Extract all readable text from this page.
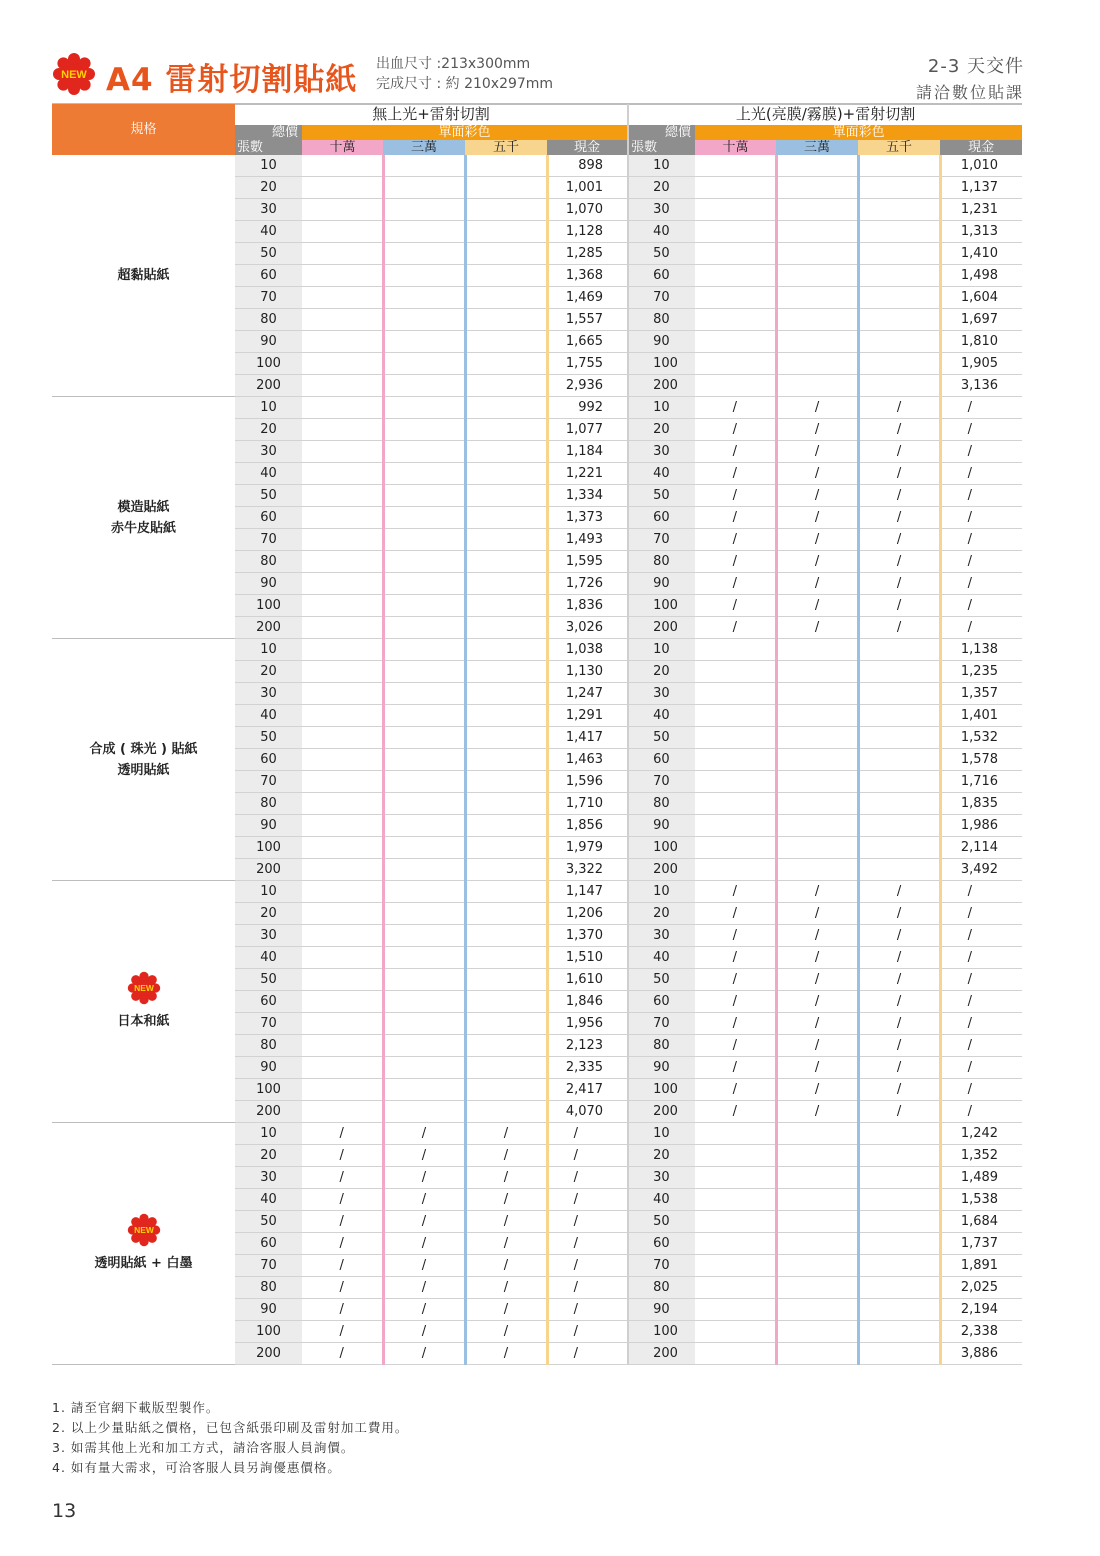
NEW A4 雷射切割貼紙 出血尺寸 :213x300mm
完成尺寸 : 約 210x297mm
2-3 天交件
請洽數位貼課
規格	無上光+雷射切割					上光(亮膜/霧膜)+雷射切割				
	總價	單面彩色				總價	單面彩色			
	張數	十萬	三萬	五千	現金	張數	十萬	三萬	五千	現金

超黏貼紙	10				898	10				1,010
	20				1,001	20				1,137
	30				1,070	30				1,231
	40				1,128	40				1,313
	50				1,285	50				1,410
	60				1,368	60				1,498
	70				1,469	70				1,604
	80				1,557	80				1,697
	90				1,665	90				1,810
	100				1,755	100				1,905
	200				2,936	200				3,136

模造貼紙
赤牛皮貼紙	10				992	10	/	/	/	/
	20				1,077	20	/	/	/	/
	30				1,184	30	/	/	/	/
	40				1,221	40	/	/	/	/
	50				1,334	50	/	/	/	/
	60				1,373	60	/	/	/	/
	70				1,493	70	/	/	/	/
	80				1,595	80	/	/	/	/
	90				1,726	90	/	/	/	/
	100				1,836	100	/	/	/	/
	200				3,026	200	/	/	/	/

合成 ( 珠光 ) 貼紙
透明貼紙	10				1,038	10				1,138
	20				1,130	20				1,235
	30				1,247	30				1,357
	40				1,291	40				1,401
	50				1,417	50				1,532
	60				1,463	60				1,578
	70				1,596	70				1,716
	80				1,710	80				1,835
	90				1,856	90				1,986
	100				1,979	100				2,114
	200				3,322	200				3,492

NEW
日本和紙	10				1,147	10	/	/	/	/
	20				1,206	20	/	/	/	/
	30				1,370	30	/	/	/	/
	40				1,510	40	/	/	/	/
	50				1,610	50	/	/	/	/
	60				1,846	60	/	/	/	/
	70				1,956	70	/	/	/	/
	80				2,123	80	/	/	/	/
	90				2,335	90	/	/	/	/
	100				2,417	100	/	/	/	/
	200				4,070	200	/	/	/	/

NEW
透明貼紙 + 白墨	10	/	/	/	/	10				1,242
	20	/	/	/	/	20				1,352
	30	/	/	/	/	30				1,489
	40	/	/	/	/	40				1,538
	50	/	/	/	/	50				1,684
	60	/	/	/	/	60				1,737
	70	/	/	/	/	70				1,891
	80	/	/	/	/	80				2,025
	90	/	/	/	/	90				2,194
	100	/	/	/	/	100				2,338
	200	/	/	/	/	200				3,886
1. 請至官網下載版型製作。
2. 以上少量貼紙之價格，已包含紙張印刷及雷射加工費用。
3. 如需其他上光和加工方式，請洽客服人員詢價。
4. 如有量大需求，可洽客服人員另詢優惠價格。
13
